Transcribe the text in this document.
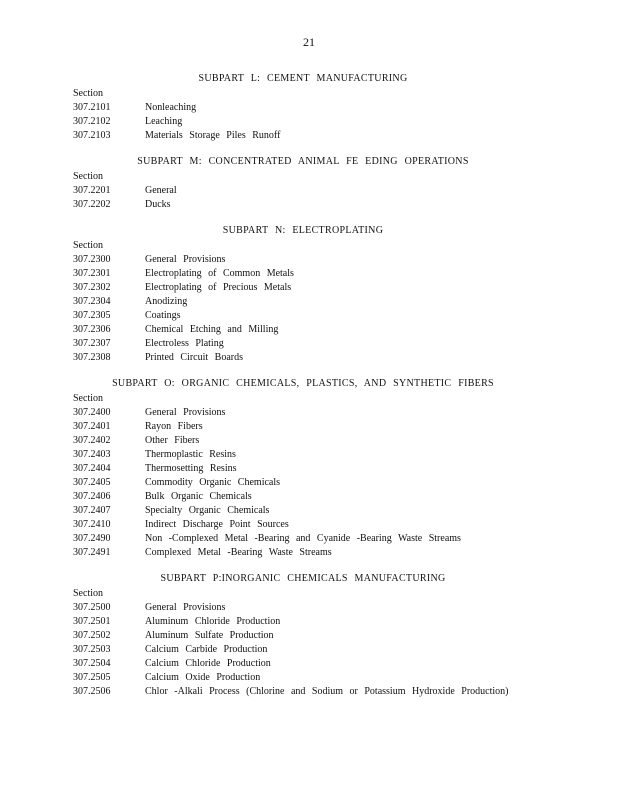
21
SUBPART L: CEMENT MANUFACTURING
Section
307.2101	Nonleaching
307.2102	Leaching
307.2103	Materials Storage Piles Runoff
SUBPART M: CONCENTRATED ANIMAL FE EDING OPERATIONS
Section
307.2201	General
307.2202	Ducks
SUBPART N: ELECTROPLATING
Section
307.2300	General Provisions
307.2301	Electroplating of Common Metals
307.2302	Electroplating of Precious Metals
307.2304	Anodizing
307.2305	Coatings
307.2306	Chemical Etching and Milling
307.2307	Electroless Plating
307.2308	Printed Circuit Boards
SUBPART O: ORGANIC CHEMICALS, PLASTICS, AND SYNTHETIC FIBERS
Section
307.2400	General Provisions
307.2401	Rayon Fibers
307.2402	Other Fibers
307.2403	Thermoplastic Resins
307.2404	Thermosetting Resins
307.2405	Commodity Organic Chemicals
307.2406	Bulk Organic Chemicals
307.2407	Specialty Organic Chemicals
307.2410	Indirect Discharge Point Sources
307.2490	Non -Complexed Metal -Bearing and Cyanide -Bearing Waste Streams
307.2491	Complexed Metal -Bearing Waste Streams
SUBPART P:INORGANIC CHEMICALS MANUFACTURING
Section
307.2500	General Provisions
307.2501	Aluminum Chloride Production
307.2502	Aluminum Sulfate Production
307.2503	Calcium Carbide Production
307.2504	Calcium Chloride Production
307.2505	Calcium Oxide Production
307.2506	Chlor -Alkali Process (Chlorine and Sodium or Potassium Hydroxide Production)
